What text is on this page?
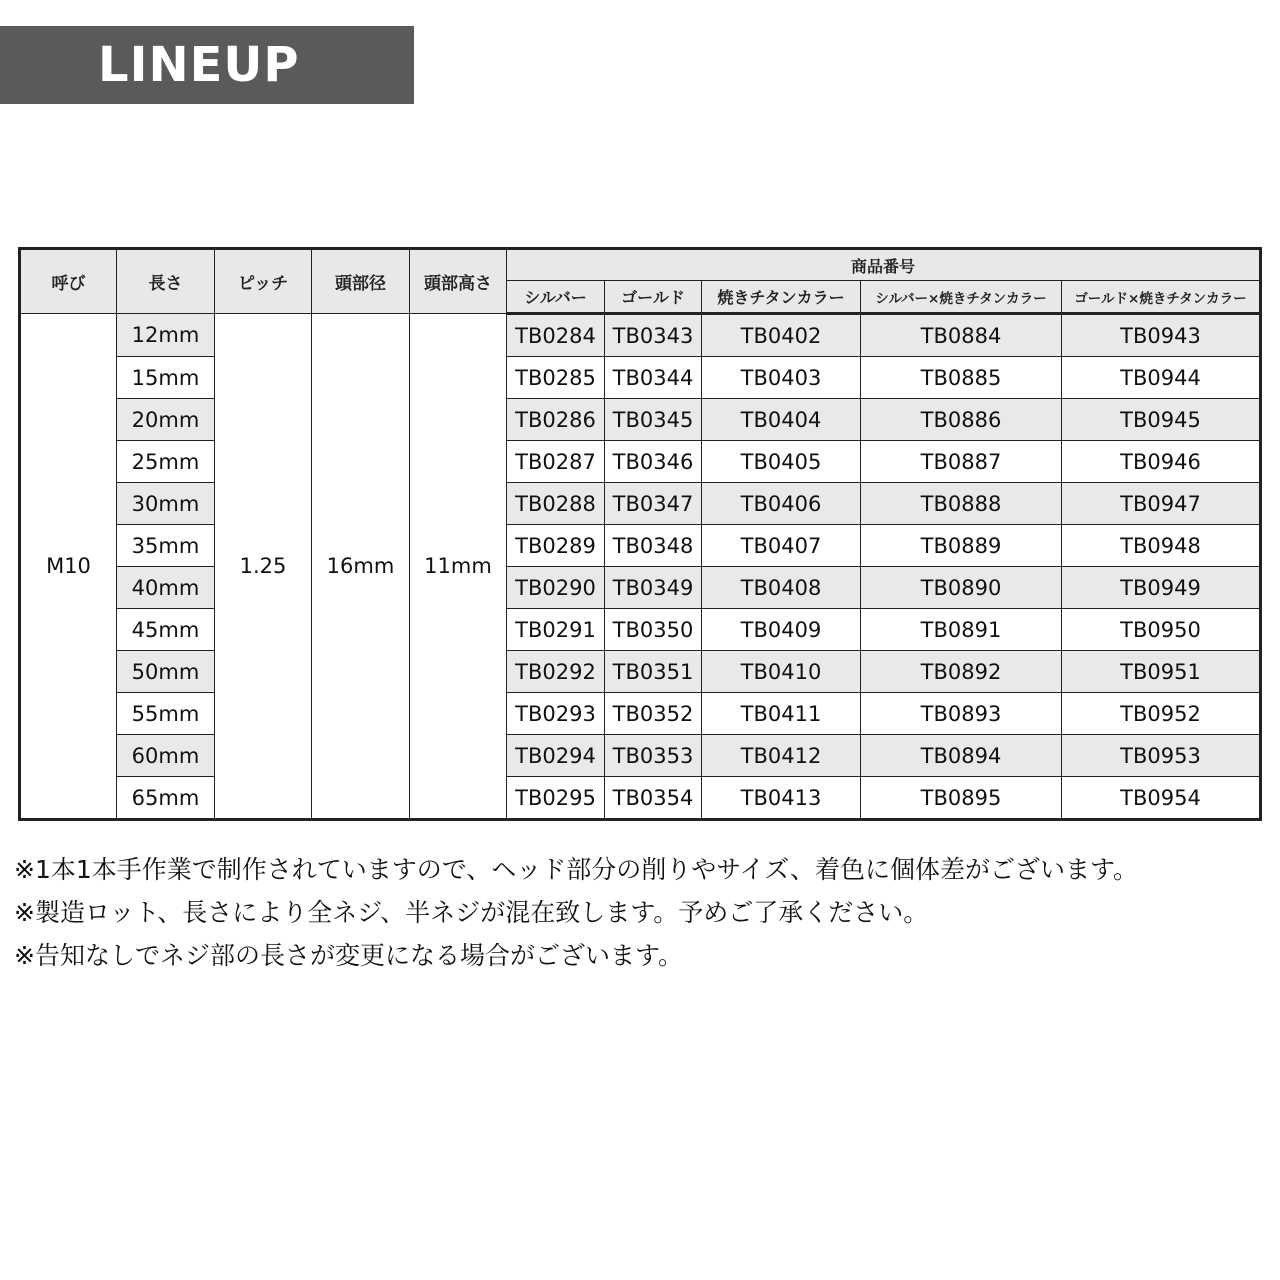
LINEUP
呼び	長さ	ピッチ	頭部径	頭部高さ	商品番号				
					シルバー	ゴールド	焼きチタンカラー	シルバー×焼きチタンカラー	ゴールド×焼きチタンカラー
M10	12mm	1.25	16mm	11mm	TB0284	TB0343	TB0402	TB0884	TB0943
	15mm				TB0285	TB0344	TB0403	TB0885	TB0944
	20mm				TB0286	TB0345	TB0404	TB0886	TB0945
	25mm				TB0287	TB0346	TB0405	TB0887	TB0946
	30mm				TB0288	TB0347	TB0406	TB0888	TB0947
	35mm				TB0289	TB0348	TB0407	TB0889	TB0948
	40mm				TB0290	TB0349	TB0408	TB0890	TB0949
	45mm				TB0291	TB0350	TB0409	TB0891	TB0950
	50mm				TB0292	TB0351	TB0410	TB0892	TB0951
	55mm				TB0293	TB0352	TB0411	TB0893	TB0952
	60mm				TB0294	TB0353	TB0412	TB0894	TB0953
	65mm				TB0295	TB0354	TB0413	TB0895	TB0954
※1本1本手作業で制作されていますので、ヘッド部分の削りやサイズ、着色に個体差がございます。
※製造ロット、長さにより全ネジ、半ネジが混在致します。予めご了承ください。
※告知なしでネジ部の長さが変更になる場合がございます。
